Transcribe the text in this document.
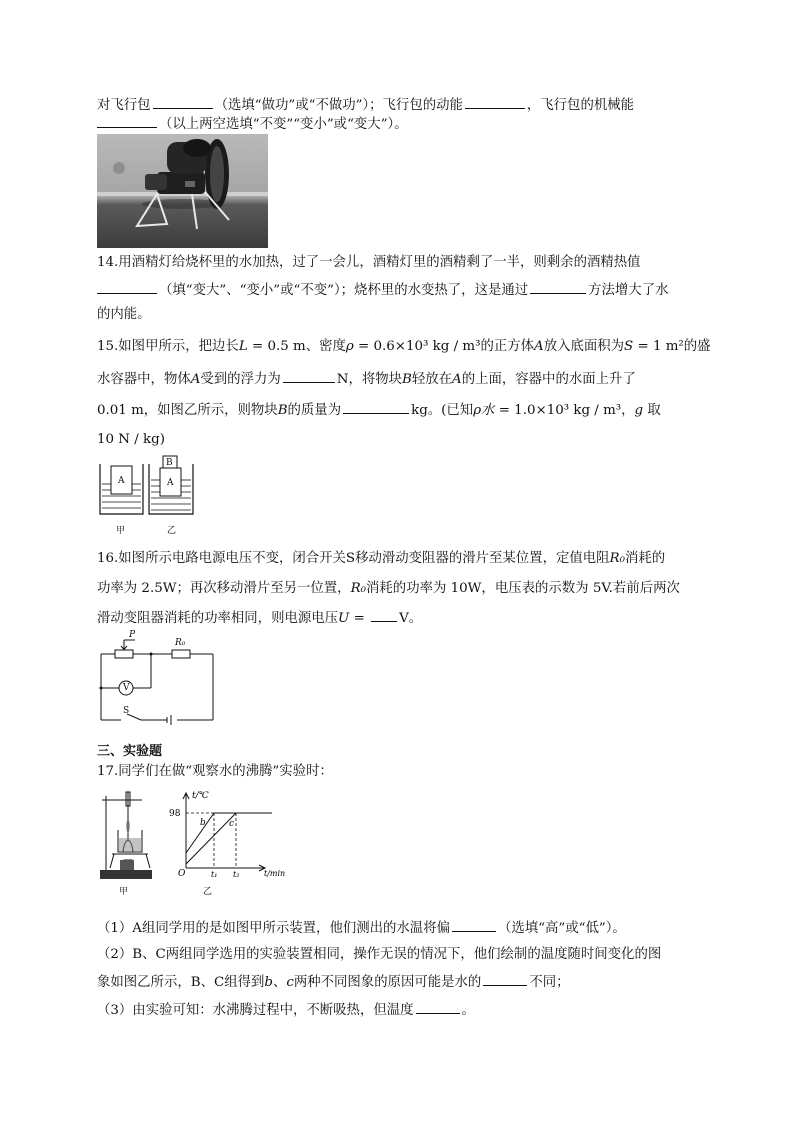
对飞行包	（选填“做功”或“不做功”）；飞行包的动能	，飞行包的机械能
（以上两空选填“不变”“变小”或“变大”）。
14.用酒精灯给烧杯里的水加热，过了一会儿，酒精灯里的酒精剩了一半，则剩余的酒精热值
（填“变大”、“变小”或“不变”）；烧杯里的水变热了，这是通过	方法增大了水
的内能。
15.如图甲所示，把边长L = 0.5 m、密度ρ = 0.6×10³ kg / m³的正方体A放入底面积为S = 1 m²的盛
水容器中，物体A受到的浮力为	N，将物块B轻放在A的上面，容器中的水面上升了
0.01 m，如图乙所示，则物块B的质量为	kg。(已知ρ水 = 1.0×10³ kg / m³，g 取
10 N / kg)
A	A
B
甲	乙
16.如图所示电路电源电压不变，闭合开关S移动滑动变阻器的滑片至某位置，定值电阻R₀消耗的
功率为 2.5W；再次移动滑片至另一位置，R₀消耗的功率为 10W，电压表的示数为 5V.若前后两次
滑动变阻器消耗的功率相同，则电源电压U = V。
P
R₀
V
S
三、实验题
17.同学们在做“观察水的沸腾”实验时：
甲
t/℃
98
b	c
O	t₁ t₂	t/min
乙
（1）A组同学用的是如图甲所示装置，他们测出的水温将偏	（选填“高”或“低”）。
（2）B、C两组同学选用的实验装置相同，操作无误的情况下，他们绘制的温度随时间变化的图
象如图乙所示，B、C组得到b、c两种不同图象的原因可能是水的	不同；
（3）由实验可知：水沸腾过程中，不断吸热，但温度	。
